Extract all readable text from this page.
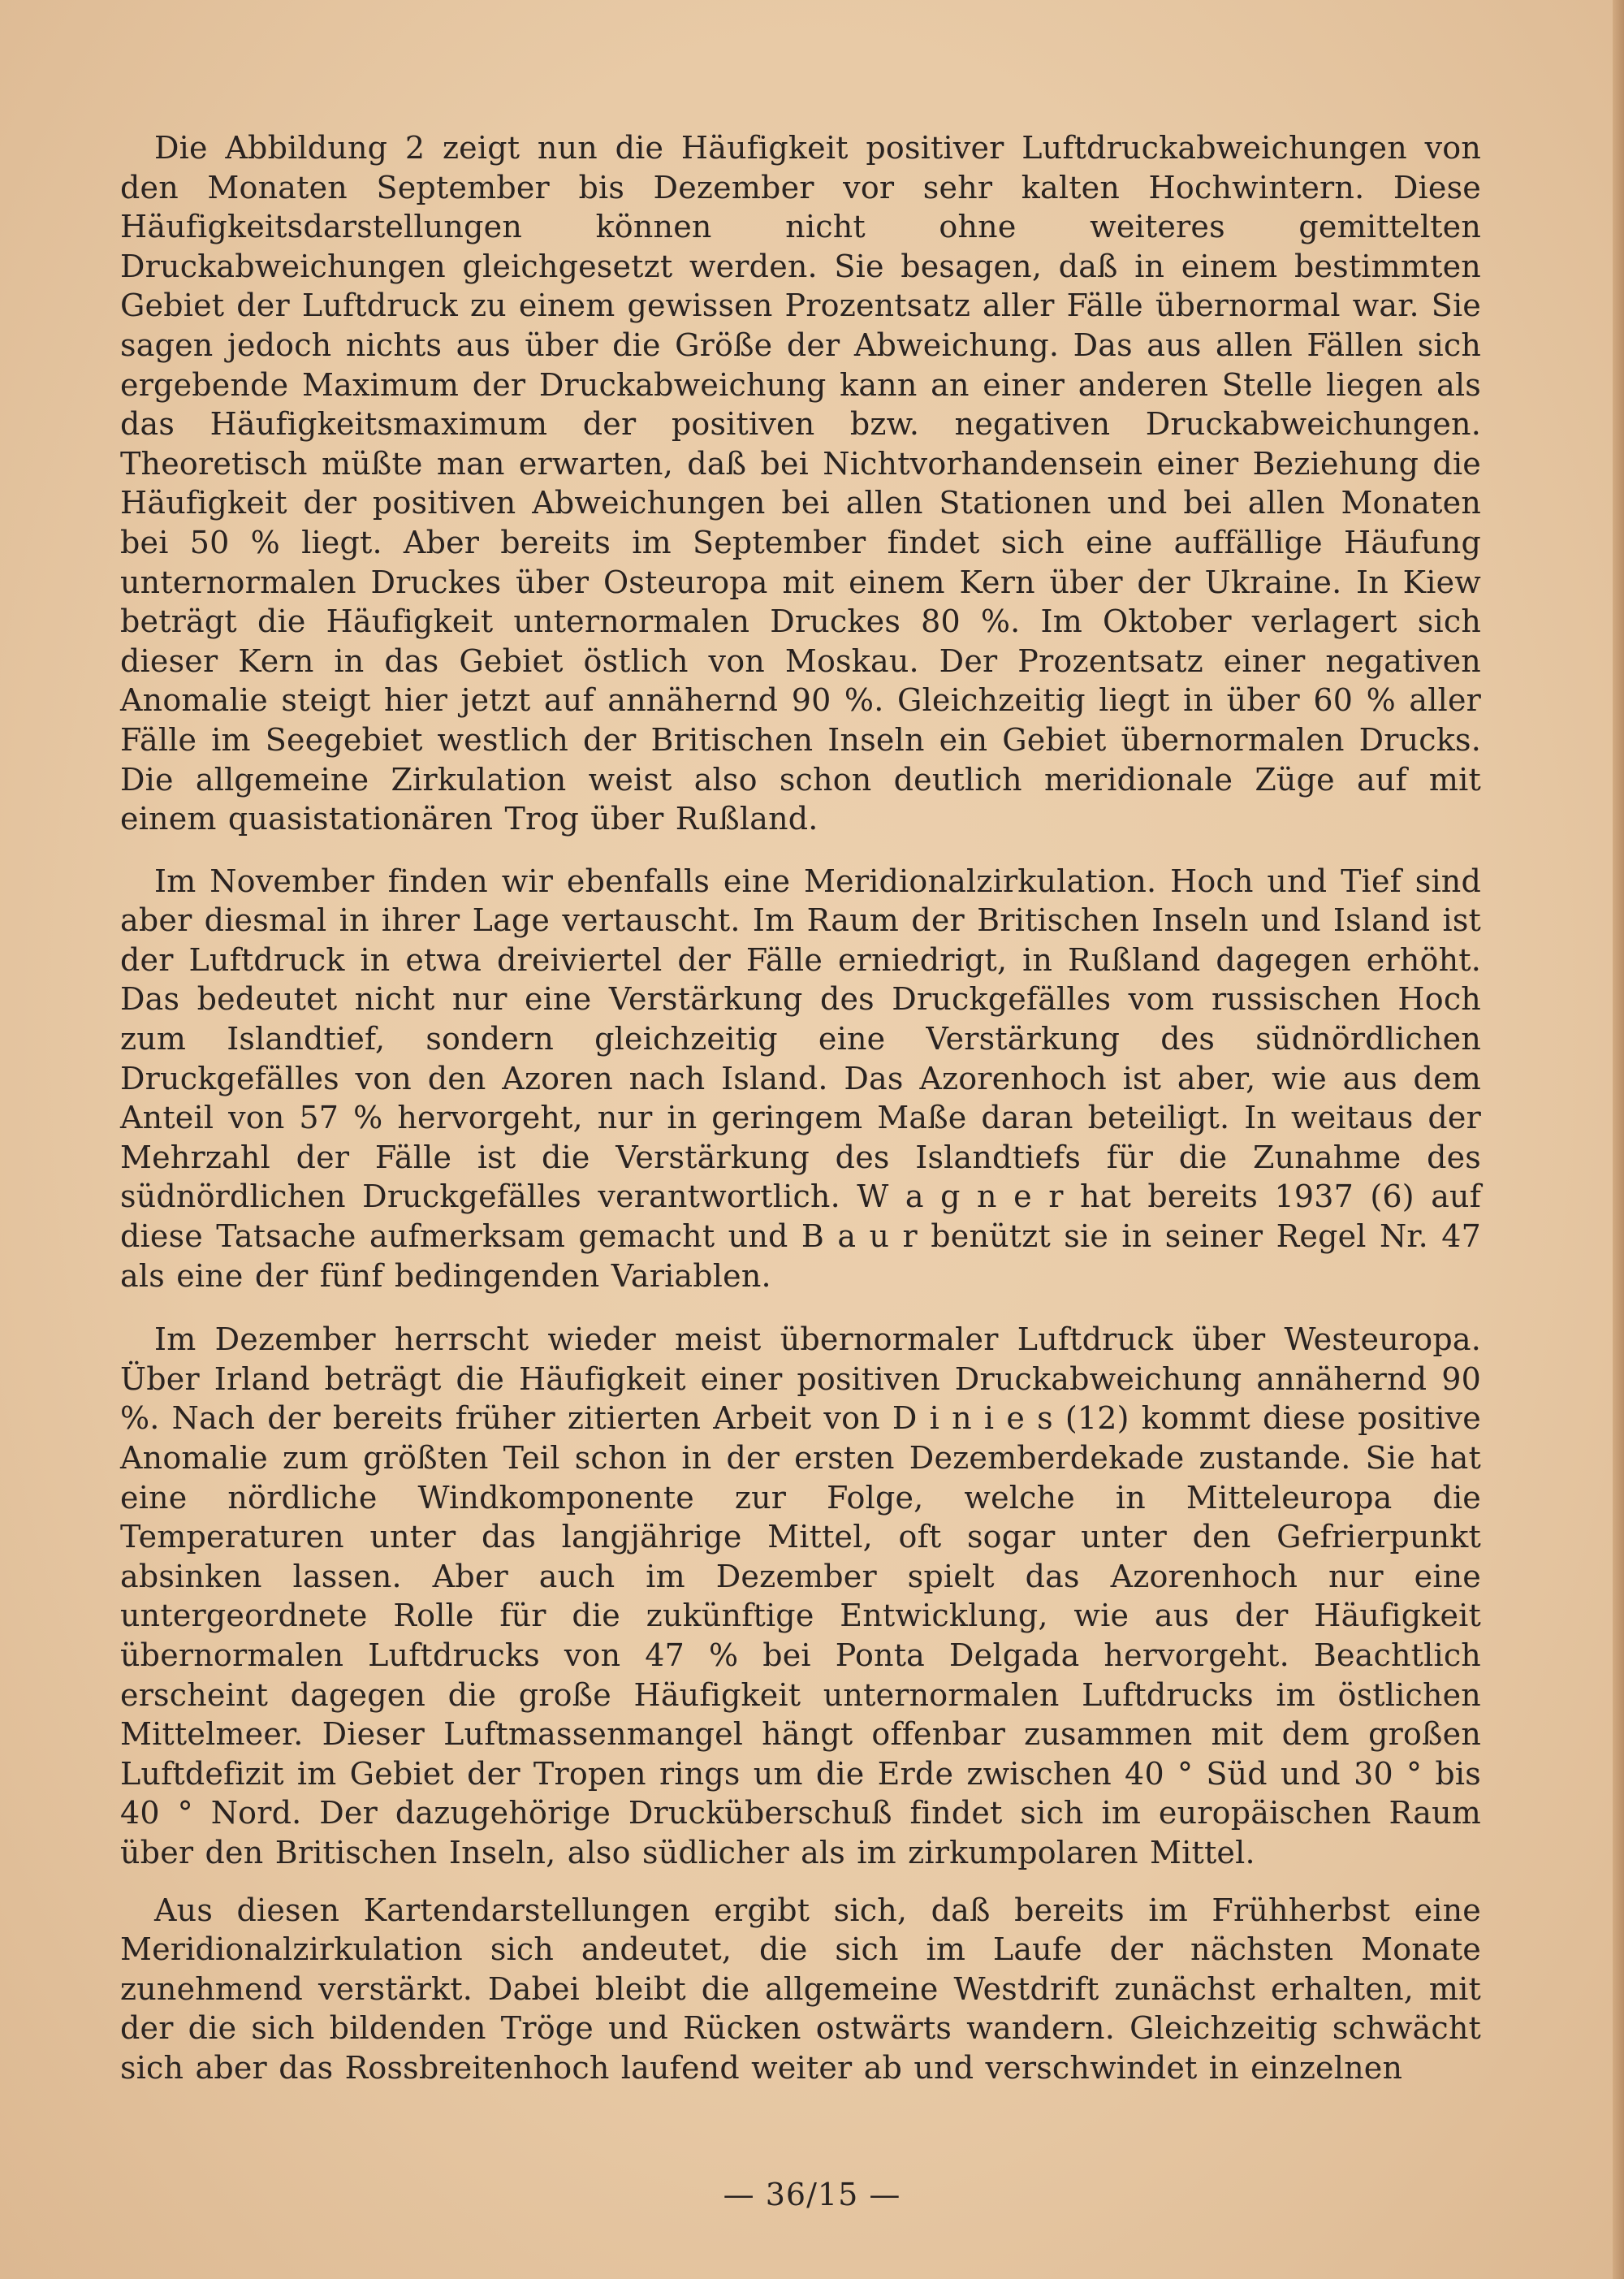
Die Abbildung 2 zeigt nun die Häufigkeit positiver Luftdruckabweichungen von den Monaten September bis Dezember vor sehr kalten Hochwintern. Diese Häufigkeitsdarstellungen können nicht ohne weiteres gemittelten Druckabweichungen gleichgesetzt werden. Sie besagen, daß in einem bestimmten Gebiet der Luftdruck zu einem gewissen Prozentsatz aller Fälle übernormal war. Sie sagen jedoch nichts aus über die Größe der Abweichung. Das aus allen Fällen sich ergebende Maximum der Druckabweichung kann an einer anderen Stelle liegen als das Häufigkeitsmaximum der positiven bzw. negativen Druckabweichungen. Theoretisch müßte man erwarten, daß bei Nichtvorhandensein einer Beziehung die Häufigkeit der positiven Abweichungen bei allen Stationen und bei allen Monaten bei 50 % liegt. Aber bereits im September findet sich eine auffällige Häufung unternormalen Druckes über Osteuropa mit einem Kern über der Ukraine. In Kiew beträgt die Häufigkeit unternormalen Druckes 80 %. Im Oktober verlagert sich dieser Kern in das Gebiet östlich von Moskau. Der Prozentsatz einer negativen Anomalie steigt hier jetzt auf annähernd 90 %. Gleichzeitig liegt in über 60 % aller Fälle im Seegebiet westlich der Britischen Inseln ein Gebiet übernormalen Drucks. Die allgemeine Zirkulation weist also schon deutlich meridionale Züge auf mit einem quasistationären Trog über Rußland.

Im November finden wir ebenfalls eine Meridionalzirkulation. Hoch und Tief sind aber diesmal in ihrer Lage vertauscht. Im Raum der Britischen Inseln und Island ist der Luftdruck in etwa dreiviertel der Fälle erniedrigt, in Rußland dagegen erhöht. Das bedeutet nicht nur eine Verstärkung des Druckgefälles vom russischen Hoch zum Islandtief, sondern gleichzeitig eine Verstärkung des südnördlichen Druckgefälles von den Azoren nach Island. Das Azorenhoch ist aber, wie aus dem Anteil von 57 % hervorgeht, nur in geringem Maße daran beteiligt. In weitaus der Mehrzahl der Fälle ist die Verstärkung des Islandtiefs für die Zunahme des südnördlichen Druckgefälles verantwortlich. W a g n e r hat bereits 1937 (6) auf diese Tatsache aufmerksam gemacht und B a u r benützt sie in seiner Regel Nr. 47 als eine der fünf bedingenden Variablen.

Im Dezember herrscht wieder meist übernormaler Luftdruck über Westeuropa. Über Irland beträgt die Häufigkeit einer positiven Druckabweichung annähernd 90 %. Nach der bereits früher zitierten Arbeit von D i n i e s (12) kommt diese positive Anomalie zum größten Teil schon in der ersten Dezemberdekade zustande. Sie hat eine nördliche Windkomponente zur Folge, welche in Mitteleuropa die Temperaturen unter das langjährige Mittel, oft sogar unter den Gefrierpunkt absinken lassen. Aber auch im Dezember spielt das Azorenhoch nur eine untergeordnete Rolle für die zukünftige Entwicklung, wie aus der Häufigkeit übernormalen Luftdrucks von 47 % bei Ponta Delgada hervorgeht. Beachtlich erscheint dagegen die große Häufigkeit unternormalen Luftdrucks im östlichen Mittelmeer. Dieser Luftmassenmangel hängt offenbar zusammen mit dem großen Luftdefizit im Gebiet der Tropen rings um die Erde zwischen 40 ° Süd und 30 ° bis 40 ° Nord. Der dazugehörige Drucküberschuß findet sich im europäischen Raum über den Britischen Inseln, also südlicher als im zirkumpolaren Mittel.

Aus diesen Kartendarstellungen ergibt sich, daß bereits im Frühherbst eine Meridionalzirkulation sich andeutet, die sich im Laufe der nächsten Monate zunehmend verstärkt. Dabei bleibt die allgemeine Westdrift zunächst erhalten, mit der die sich bildenden Tröge und Rücken ostwärts wandern. Gleichzeitig schwächt sich aber das Rossbreitenhoch laufend weiter ab und verschwindet in einzelnen

— 36/15 —
